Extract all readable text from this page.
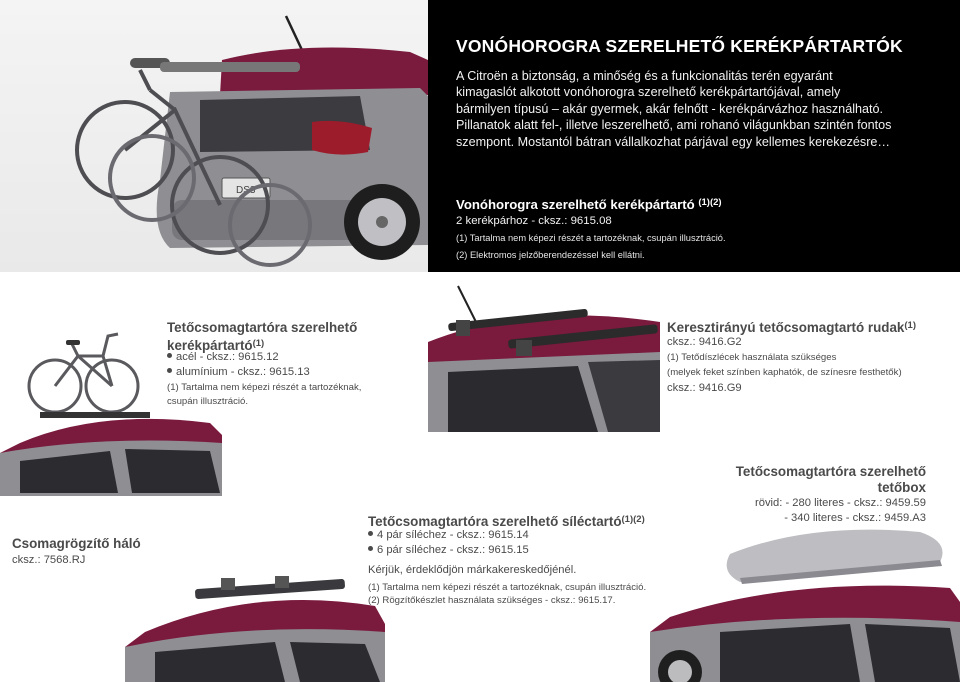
DS3
VONÓHOROGRA SZERELHETŐ KERÉKPÁRTARTÓK
A Citroën a biztonság, a minőség és a funkcionalitás terén egyaránt
kimagaslót alkotott vonóhorogra szerelhető kerékpártartójával, amely
bármilyen típusú – akár gyermek, akár felnőtt - kerékpárvázhoz használható.
Pillanatok alatt fel-, illetve leszerelhető, ami rohanó világunkban szintén fontos
szempont. Mostantól bátran vállalkozhat párjával egy kellemes kerekezésre…
Vonóhorogra szerelhető kerékpártartó $^{(1)(2)}$
2 kerékpárhoz - cksz.: 9615.08
(1) Tartalma nem képezi részét a tartozéknak, csupán illusztráció.
(2) Elektromos jelzőberendezéssel kell ellátni.
Tetőcsomagtartóra szerelhető
kerékpártartó$^{(1)}$
acél - cksz.: 9615.12
alumínium - cksz.: 9615.13
(1) Tartalma nem képezi részét a tartozéknak,
csupán illusztráció.
Keresztirányú tetőcsomagtartó rudak$^{(1)}$
cksz.: 9416.G2
(1) Tetődíszlécek használata szükséges
(melyek feket színben kaphatók, de színesre festhetők)
cksz.: 9416.G9
Csomagrögzítő háló
cksz.: 7568.RJ
Tetőcsomagtartóra szerelhető síléctartó$^{(1)(2)}$
4 pár síléchez - cksz.: 9615.14
6 pár síléchez - cksz.: 9615.15
Kérjük, érdeklődjön márkakereskedőjénél.
(1) Tartalma nem képezi részét a tartozéknak, csupán illusztráció.
(2) Rögzítőkészlet használata szükséges - cksz.: 9615.17.
Tetőcsomagtartóra szerelhető
tetőbox
rövid: - 280 literes - cksz.: 9459.59
- 340 literes - cksz.: 9459.A3
